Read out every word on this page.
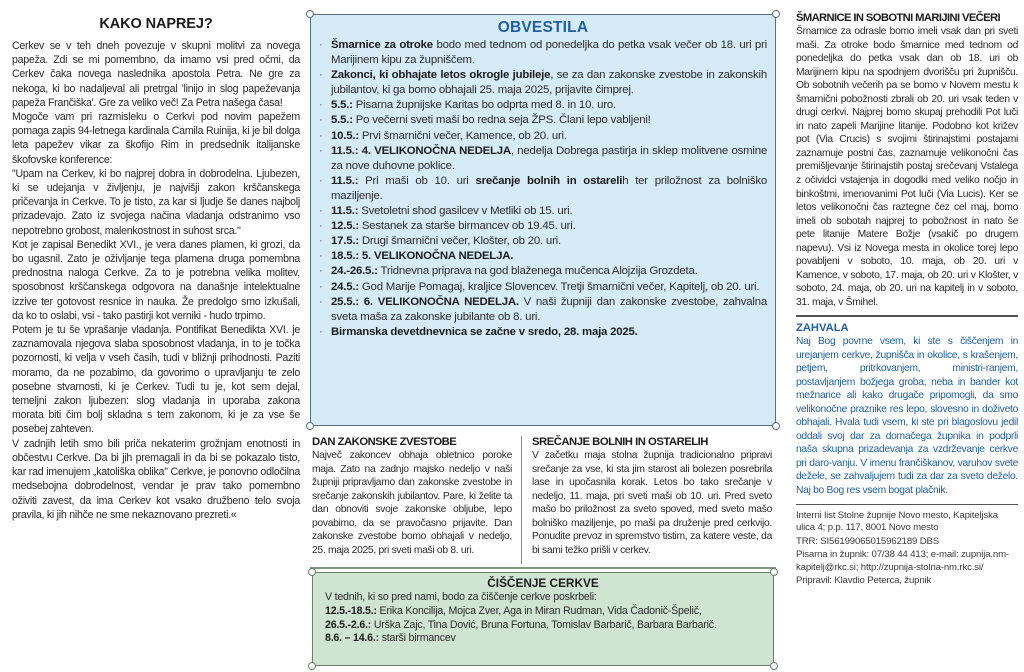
KAKO NAPREJ?

Cerkev se v teh dneh povezuje v skupni molitvi za novega papeža. Zdi se mi pomembno, da imamo vsi pred očmi, da Cerkev čaka novega naslednika apostola Petra. Ne gre za nekoga, ki bo nadaljeval ali pretrgal 'linijo in slog papeževanja papeža Frančiška'. Gre za veliko več! Za Petra našega časa!

Mogoče vam pri razmisleku o Cerkvi pod novim papežem pomaga zapis 94-letnega kardinala Camila Ruinija, ki je bil dolga leta papežev vikar za škofijo Rim in predsednik italijanske škofovske konference:

"Upam na Cerkev, ki bo najprej dobra in dobrodelna. Ljubezen, ki se udejanja v življenju, je najvišji zakon krščanskega pričevanja in Cerkve. To je tisto, za kar si ljudje še danes najbolj prizadevajo. Zato iz svojega načina vladanja odstranimo vso nepotrebno grobost, malenkostnost in suhost srca."

Kot je zapisal Benedikt XVI., je vera danes plamen, ki grozi, da bo ugasnil. Zato je oživljanje tega plamena druga pomembna prednostna naloga Cerkve. Za to je potrebna velika molitev, sposobnost krščanskega odgovora na današnje intelektualne izzive ter gotovost resnice in nauka. Že predolgo smo izkušali, da ko to oslabi, vsi - tako pastirji kot verniki - hudo trpimo.

Potem je tu še vprašanje vladanja. Pontifikat Benedikta XVI. je zaznamovala njegova slaba sposobnost vladanja, in to je točka pozornosti, ki velja v vseh časih, tudi v bližnji prihodnosti. Paziti moramo, da ne pozabimo, da govorimo o upravljanju te zelo posebne stvarnosti, ki je Cerkev. Tudi tu je, kot sem dejal, temeljni zakon ljubezen: slog vladanja in uporaba zakona morata biti čim bolj skladna s tem zakonom, ki je za vse še posebej zahteven.

V zadnjih letih smo bili priča nekaterim grožnjam enotnosti in občestvu Cerkve. Da bi jih premagali in da bi se pokazalo tisto, kar rad imenujem „katoliška oblika" Cerkve, je ponovno odločilna medsebojna dobrodelnost, vendar je prav tako pomembno oživiti zavest, da ima Cerkev kot vsako družbeno telo svoja pravila, ki jih nihče ne sme nekaznovano prezreti.«

OBVESTILA
· Šmarnice za otroke bodo med tednom od ponedeljka do petka vsak večer ob 18. uri pri Marijinem kipu za župniščem.
· Zakonci, ki obhajate letos okrogle jubileje, se za dan zakonske zvestobe in zakonskih jubilantov, ki ga bomo obhajali 25. maja 2025, prijavite čimprej.
· 5.5.: Pisarna župnijske Karitas bo odprta med 8. in 10. uro.
· 5.5.: Po večerni sveti maši bo redna seja ŽPS. Člani lepo vabljeni!
· 10.5.: Prvi šmarnični večer, Kamence, ob 20. uri.
· 11.5.: 4. VELIKONOČNA NEDELJA, nedelja Dobrega pastirja in sklep molitvene osmine za nove duhovne poklice.
· 11.5.: Pri maši ob 10. uri srečanje bolnih in ostarelih ter priložnost za bolniško maziljenje.
· 11.5.: Svetoletni shod gasilcev v Metliki ob 15. uri.
· 12.5.: Sestanek za starše birmancev ob 19.45. uri.
· 17.5.: Drugi šmarnični večer, Klošter, ob 20. uri.
· 18.5.: 5. VELIKONOČNA NEDELJA.
· 24.-26.5.: Tridnevna priprava na god blaženega mučenca Alojzija Grozdeta.
· 24.5.: God Marije Pomagaj, kraljice Slovencev. Tretji šmarnični večer, Kapitelj, ob 20. uri.
· 25.5.: 6. VELIKONOČNA NEDELJA. V naši župniji dan zakonske zvestobe, zahvalna sveta maša za zakonske jubilante ob 8. uri.
· Birmanska devetdnevnica se začne v sredo, 28. maja 2025.
DAN ZAKONSKE ZVESTOBE

Največ zakoncev obhaja obletnico poroke maja. Zato na zadnjo majsko nedeljo v naši župniji pripravljamo dan zakonske zvestobe in srečanje zakonskih jubilantov. Pare, ki želite ta dan obnoviti svoje zakonske obljube, lepo povabimo, da se pravočasno prijavite. Dan zakonske zvestobe bomo obhajali v nedeljo, 25. maja 2025, pri sveti maši ob 8. uri.

SREČANJE BOLNIH IN OSTARELIH

V začetku maja stolna župnija tradicionalno pripravi srečanje za vse, ki sta jim starost ali bolezen posrebrila lase in upočasnila korak. Letos bo tako srečanje v nedeljo, 11. maja, pri sveti maši ob 10. uri. Pred sveto mašo bo priložnost za sveto spoved, med sveto mašo bolniško maziljenje, po maši pa druženje pred cerkvijo. Ponudite prevoz in spremstvo tistim, za katere veste, da bi sami težko prišli v cerkev.

ČIŠČENJE CERKVE

V tednih, ki so pred nami, bodo za čiščenje cerkve poskrbeli:

12.5.-18.5.: Erika Koncilija, Mojca Zver, Aga in Miran Rudman, Vida Čadonič-Špelič,

26.5.-2.6.: Urška Zajc, Tina Dović, Bruna Fortuna, Tomislav Barbarič, Barbara Barbarič.

8.6. – 14.6.: starši birmancev

ŠMARNICE IN SOBOTNI MARIJINI VEČERI

Šmarnice za odrasle bomo imeli vsak dan pri sveti maši. Za otroke bodo šmarnice med tednom od ponedeljka do petka vsak dan ob 18. uri ob Marijinem kipu na spodnjem dvorišču pri župnišču. Ob sobotnih večerih pa se bomo v Novem mestu k šmarnični pobožnosti zbrali ob 20. uri vsak teden v drugi cerkvi. Najprej bomo skupaj prehodili Pot luči in nato zapeli Marijine litanije. Podobno kot križev pot (Via Crucis) s svojimi štirinajstimi postajami zaznamuje postni čas, zaznamuje velikonočni čas premišljevanje štirinajstih postaj srečevanj Vstalega z očividci vstajenja in dogodki med veliko nočjo in binkoštmi, imenovanimi Pot luči (Via Lucis). Ker se letos velikonočni čas raztegne čez cel maj, bomo imeli ob sobotah najprej to pobožnost in nato še pete litanije Matere Božje (vsakič po drugem napevu). Vsi iz Novega mesta in okolice torej lepo povabljeni v soboto, 10. maja, ob 20. uri v Kamence, v soboto, 17. maja, ob 20. uri v Klošter, v soboto, 24. maja, ob 20. uri na kapitelj in v soboto, 31. maja, v Šmihel.

ZAHVALA

Naj Bog povrne vsem, ki ste s čiščenjem in urejanjem cerkve, župnišča in okolice, s krašenjem, petjem, pritrkovanjem, ministri-ranjem, postavljanjem božjega groba, neba in bander kot mežnarice ali kako drugače pripomogli, da smo velikonočne praznike res lepo, slovesno in doživeto obhajali. Hvala tudi vsem, ki ste pri blagoslovu jedil oddali svoj dar za domačega župnika in podprli naša skupna prizadevanja za vzdrževanje cerkve pri daro-vanju. V imenu frančiškanov, varuhov svete dežele, se zahvaljujem tudi za dar za sveto deželo. Naj bo Bog res vsem bogat plačnik.

Interni list Stolne župnije Novo mesto, Kapiteljska ulica 4; p.p. 117, 8001 Novo mesto
TRR: SI56199065015962189 DBS
Pisarna in župnik: 07/38 44 413; e-mail: zupnija.nm-kapitelj@rkc.si; http://zupnija-stolna-nm.rkc.si/
Pripravil: Klavdio Peterca, župnik
